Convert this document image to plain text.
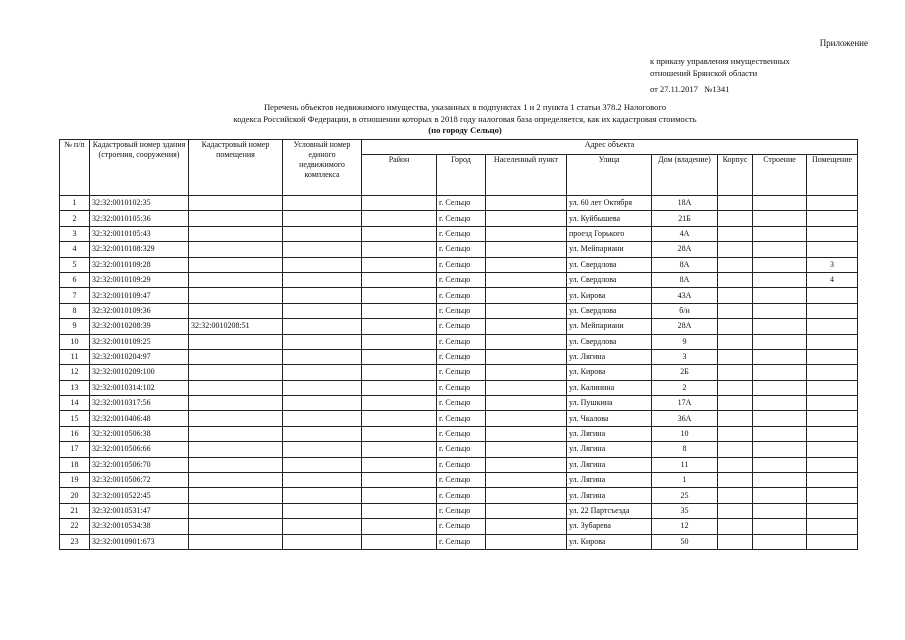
Приложение
к приказу управления имущественных отношений Брянской области
от 27.11.2017 №1341
Перечень объектов недвижимого имущества, указанных в подпунктах 1 и 2 пункта 1 статьи 378.2 Налогового
кодекса Российской Федерации, в отношении которых в 2018 году налоговая база определяется, как их кадастровая стоимость
(по городу Сельцо)
№ п/п	Кадастровый номер здания (строения, сооружения)	Кадастровый номер помещения	Условный номер единого недвижимого комплекса	Адрес объекта							
				Район	Город	Населенный пункт	Улица	Дом (владение)	Корпус	Строение	Помещение
1	32:32:0010102:35				г. Сельцо		ул. 60 лет Октября	18А			
2	32:32:0010105:36				г. Сельцо		ул. Куйбышева	21Б			
3	32:32:0010105:43				г. Сельцо		проезд Горького	4А			
4	32:32:0010108:329				г. Сельцо		ул. Мейпариани	28А			
5	32:32:0010109:28				г. Сельцо		ул. Свердлова	8А			3
6	32:32:0010109:29				г. Сельцо		ул. Свердлова	8А			4
7	32:32:0010109:47				г. Сельцо		ул. Кирова	43А			
8	32:32:0010109:36				г. Сельцо		ул. Свердлова	б/н			
9	32:32:0010208:39	32:32:0010208:51			г. Сельцо		ул. Мейпариани	28А			
10	32:32:0010109:25				г. Сельцо		ул. Свердлова	9			
11	32:32:0010204:97				г. Сельцо		ул. Лягина	3			
12	32:32:0010209:100				г. Сельцо		ул. Кирова	2Б			
13	32:32:0010314:102				г. Сельцо		ул. Калинина	2			
14	32:32:0010317:56				г. Сельцо		ул. Пушкина	17А			
15	32:32:0010406:48				г. Сельцо		ул. Чкалова	36А			
16	32:32:0010506:38				г. Сельцо		ул. Лягина	10			
17	32:32:0010506:66				г. Сельцо		ул. Лягина	8			
18	32:32:0010506:70				г. Сельцо		ул. Лягина	11			
19	32:32:0010506:72				г. Сельцо		ул. Лягина	1			
20	32:32:0010522:45				г. Сельцо		ул. Лягина	25			
21	32:32:0010531:47				г. Сельцо		ул. 22 Партсъезда	35			
22	32:32:0010534:38				г. Сельцо		ул. Зубарева	12			
23	32:32:0010901:673				г. Сельцо		ул. Кирова	50			
